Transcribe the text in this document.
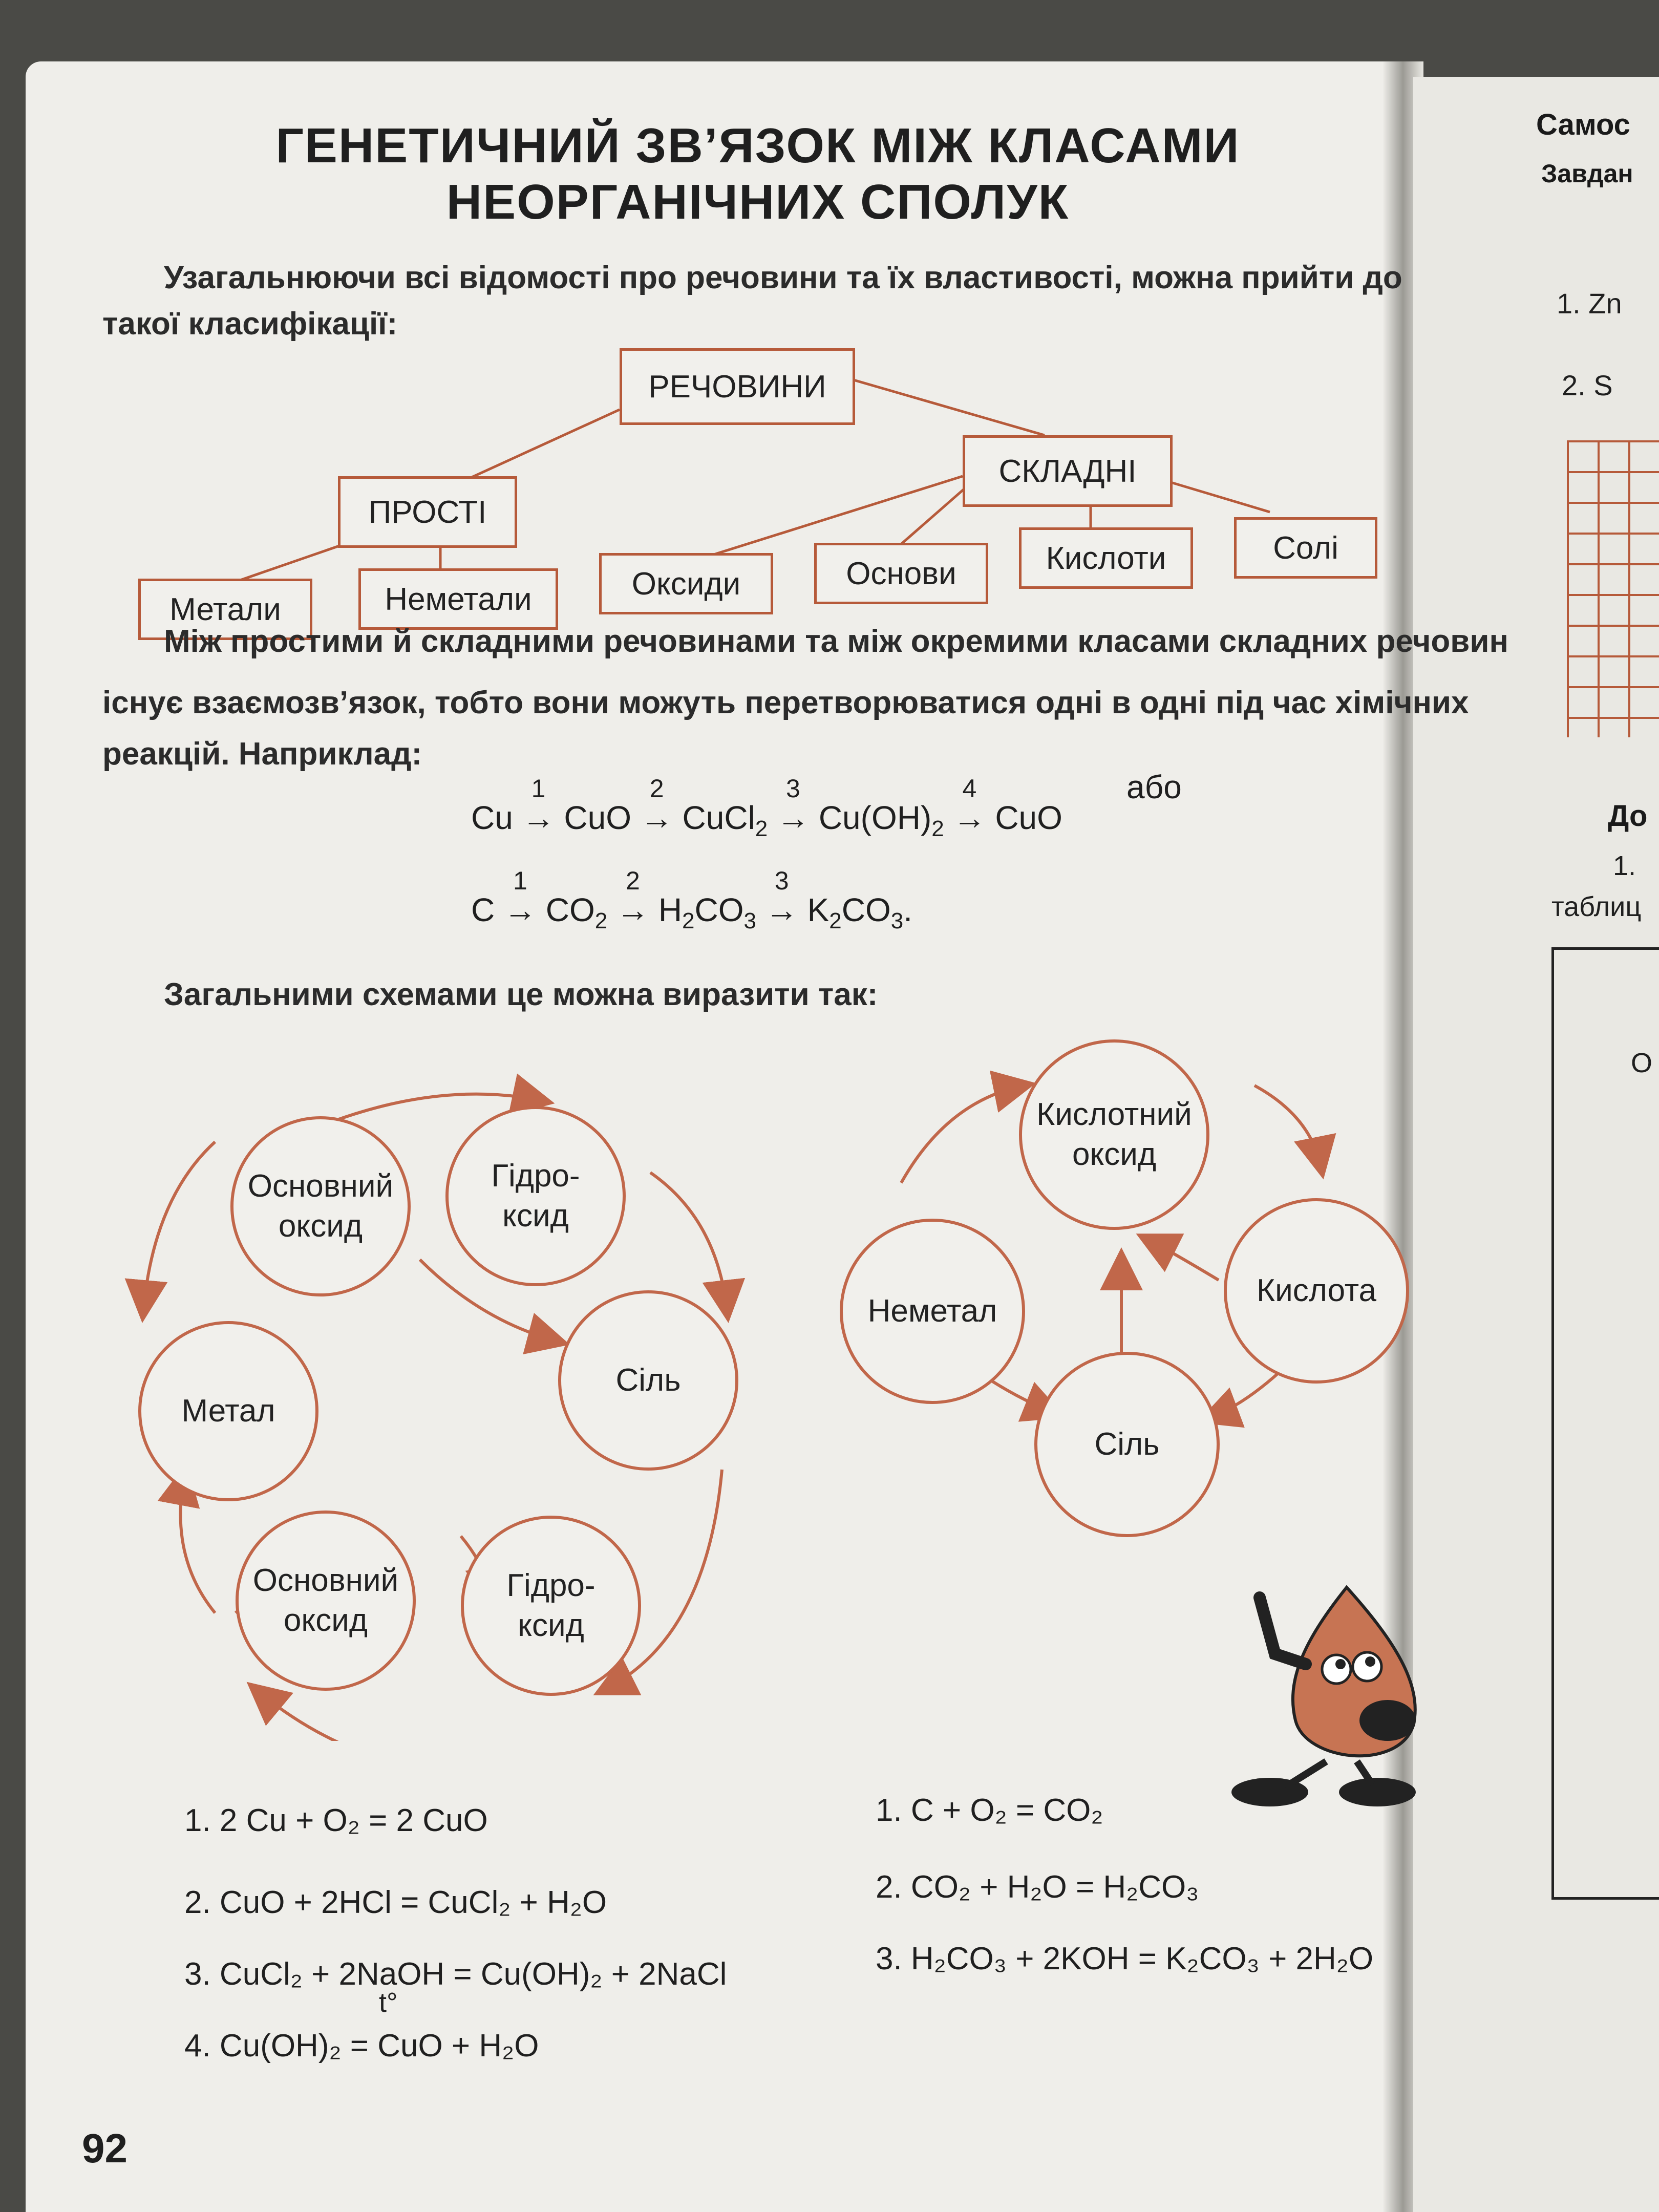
ГЕНЕТИЧНИЙ ЗВ’ЯЗОК МІЖ КЛАСАМИ
НЕОРГАНІЧНИХ СПОЛУК
Узагальнюючи всі відомості про речовини та їх властивості, можна прийти до
такої класифікації:
РЕЧОВИНИ
ПРОСТІ
СКЛАДНІ
Метали	Неметали	Оксиди	Основи	Кислоти	Солі
Між простими й складними речовинами та між окремими класами складних речовин
існує взаємозв’язок, тобто вони можуть перетворюватися одні в одні під час хімічних
реакцій. Наприклад:
Cu
1
→ CuO
2
→ CuCl$_2$
3
→ $Cu(OH)_2$
4
→ CuO
або
C
1
→ $CO_2$
2
→ $H_2CO_3$
3
→ $K_2CO_3$.
Загальними схемами це можна виразити так:
Основний
оксид
Гідро-
ксид
Метал
Сіль
Основний
оксид
Гідро-
ксид
Кислотний
оксид
Неметал
Кислота
Сіль
1. 2 Cu + O₂ = 2 CuO
2. CuO + 2HCl = CuCl₂ + H₂O
3. CuCl₂ + 2NaOH = Cu(OH)₂ + 2NaCl
t°
4. Cu(OH)₂ = CuO + H₂O
1. C + O₂ = CO₂
2. CO₂ + H₂O = H₂CO₃
3. H₂CO₃ + 2KOH = K₂CO₃ + 2H₂O
92
Самос
Завдан
1. Zn
2. S
До
1.
таблиц
О
